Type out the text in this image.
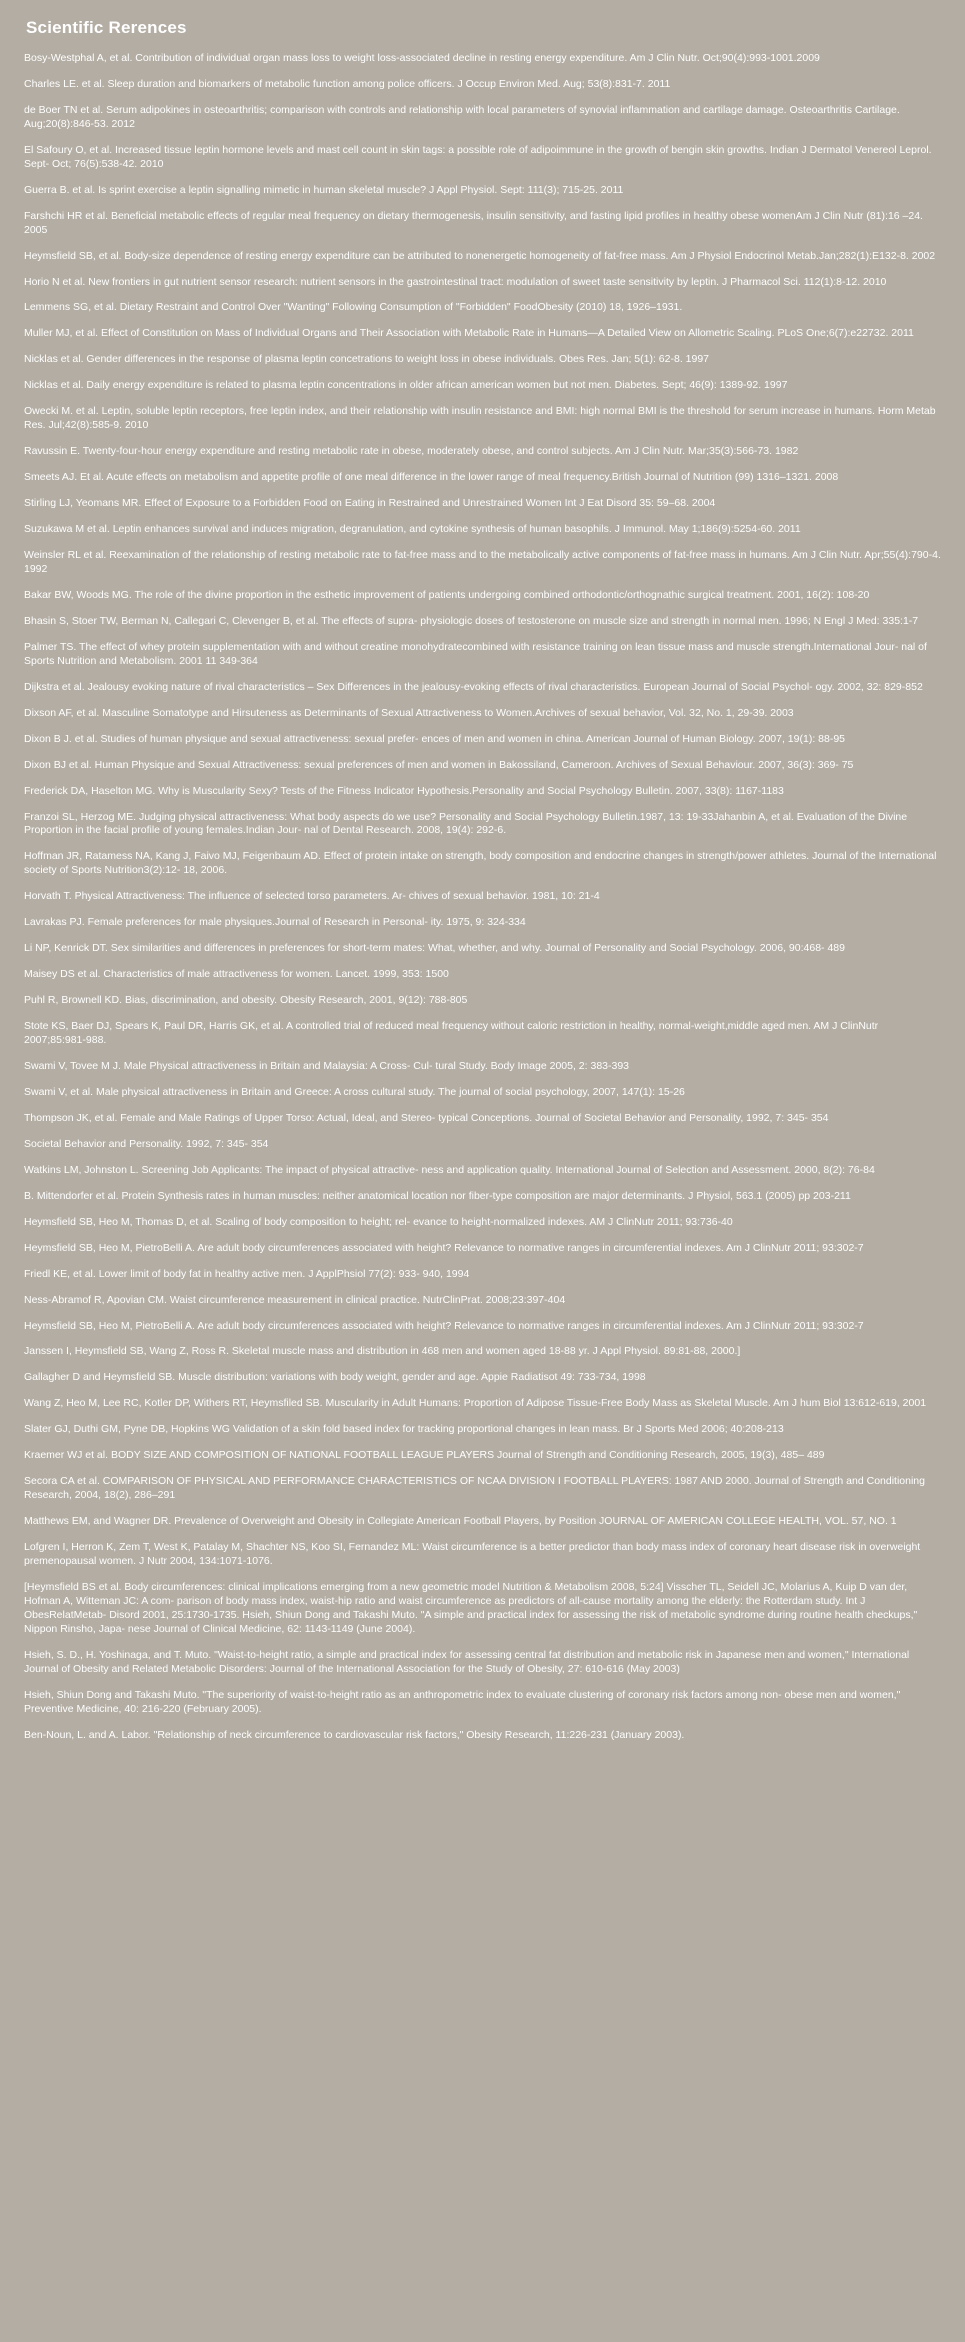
Scientific Rerences

Bosy-Westphal A, et al. Contribution of individual organ mass loss to weight loss-associated decline in resting energy expenditure. Am J Clin Nutr. Oct;90(4):993-1001.2009

Charles LE. et al. Sleep duration and biomarkers of metabolic function among police officers. J Occup Environ Med. Aug; 53(8):831-7. 2011

de Boer TN et al. Serum adipokines in osteoarthritis; comparison with controls and relationship with local parameters of synovial inflammation and cartilage damage. Osteoarthritis Cartilage. Aug;20(8):846-53. 2012

El Safoury O, et al. Increased tissue leptin hormone levels and mast cell count in skin tags: a possible role of adipoimmune in the growth of bengin skin growths. Indian J Dermatol Venereol Leprol. Sept- Oct; 76(5):538-42. 2010

Guerra B. et al. Is sprint exercise a leptin signalling mimetic in human skeletal muscle? J Appl Physiol. Sept: 111(3); 715-25. 2011

Farshchi HR et al. Beneficial metabolic effects of regular meal frequency on dietary thermogenesis, insulin sensitivity, and fasting lipid profiles in healthy obese womenAm J Clin Nutr (81):16 –24. 2005

Heymsfield SB, et al. Body-size dependence of resting energy expenditure can be attributed to nonenergetic homogeneity of fat-free mass. Am J Physiol Endocrinol Metab.Jan;282(1):E132-8. 2002

Horio N et al. New frontiers in gut nutrient sensor research: nutrient sensors in the gastrointestinal tract: modulation of sweet taste sensitivity by leptin. J Pharmacol Sci. 112(1):8-12. 2010

Lemmens SG, et al. Dietary Restraint and Control Over "Wanting" Following Consumption of "Forbidden" FoodObesity (2010) 18, 1926–1931.

Muller MJ, et al. Effect of Constitution on Mass of Individual Organs and Their Association with Metabolic Rate in Humans—A Detailed View on Allometric Scaling. PLoS One;6(7):e22732. 2011

Nicklas et al. Gender differences in the response of plasma leptin concetrations to weight loss in obese individuals. Obes Res. Jan; 5(1): 62-8. 1997

Nicklas et al. Daily energy expenditure is related to plasma leptin concentrations in older african american women but not men. Diabetes. Sept; 46(9): 1389-92. 1997

Owecki M. et al. Leptin, soluble leptin receptors, free leptin index, and their relationship with insulin resistance and BMI: high normal BMI is the threshold for serum increase in humans. Horm Metab Res. Jul;42(8):585-9. 2010

Ravussin E. Twenty-four-hour energy expenditure and resting metabolic rate in obese, moderately obese, and control subjects. Am J Clin Nutr. Mar;35(3):566-73. 1982

Smeets AJ. Et al. Acute effects on metabolism and appetite profile of one meal difference in the lower range of meal frequency.British Journal of Nutrition (99) 1316–1321. 2008

Stirling LJ, Yeomans MR. Effect of Exposure to a Forbidden Food on Eating in Restrained and Unrestrained Women Int J Eat Disord 35: 59–68. 2004

Suzukawa M et al. Leptin enhances survival and induces migration, degranulation, and cytokine synthesis of human basophils. J Immunol. May 1;186(9):5254-60. 2011

Weinsler RL et al. Reexamination of the relationship of resting metabolic rate to fat-free mass and to the metabolically active components of fat-free mass in humans. Am J Clin Nutr. Apr;55(4):790-4. 1992

Bakar BW, Woods MG. The role of the divine proportion in the esthetic improvement of patients undergoing combined orthodontic/orthognathic surgical treatment. 2001, 16(2): 108-20

Bhasin S, Stoer TW, Berman N, Callegari C, Clevenger B, et al. The effects of supra- physiologic doses of testosterone on muscle size and strength in normal men. 1996; N Engl J Med: 335:1-7

Palmer TS. The effect of whey protein supplementation with and without creatine monohydratecombined with resistance training on lean tissue mass and muscle strength.International Jour- nal of Sports Nutrition and Metabolism. 2001 11 349-364

Dijkstra et al. Jealousy evoking nature of rival characteristics – Sex Differences in the jealousy-evoking effects of rival characteristics. European Journal of Social Psychol- ogy. 2002, 32: 829-852

Dixson AF, et al. Masculine Somatotype and Hirsuteness as Determinants of Sexual Attractiveness to Women.Archives of sexual behavior, Vol. 32, No. 1, 29-39. 2003

Dixon B J. et al. Studies of human physique and sexual attractiveness: sexual prefer- ences of men and women in china. American Journal of Human Biology. 2007, 19(1): 88-95

Dixon BJ et al. Human Physique and Sexual Attractiveness: sexual preferences of men and women in Bakossiland, Cameroon. Archives of Sexual Behaviour. 2007, 36(3): 369- 75

Frederick DA, Haselton MG. Why is Muscularity Sexy? Tests of the Fitness Indicator Hypothesis.Personality and Social Psychology Bulletin. 2007, 33(8): 1167-1183

Franzoi SL, Herzog ME. Judging physical attractiveness: What body aspects do we use? Personality and Social Psychology Bulletin.1987, 13: 19-33Jahanbin A, et al. Evaluation of the Divine Proportion in the facial profile of young females.Indian Jour- nal of Dental Research. 2008, 19(4): 292-6.

Hoffman JR, Ratamess NA, Kang J, Faivo MJ, Feigenbaum AD. Effect of protein intake on strength, body composition and endocrine changes in strength/power athletes. Journal of the International society of Sports Nutrition3(2):12- 18, 2006.

Horvath T. Physical Attractiveness: The influence of selected torso parameters. Ar- chives of sexual behavior. 1981, 10: 21-4

Lavrakas PJ. Female preferences for male physiques.Journal of Research in Personal- ity. 1975, 9: 324-334

Li NP, Kenrick DT. Sex similarities and differences in preferences for short-term mates: What, whether, and why. Journal of Personality and Social Psychology. 2006, 90:468- 489

Maisey DS et al. Characteristics of male attractiveness for women. Lancet. 1999, 353: 1500

Puhl R, Brownell KD. Bias, discrimination, and obesity. Obesity Research, 2001, 9(12): 788-805

Stote KS, Baer DJ, Spears K, Paul DR, Harris GK, et al. A controlled trial of reduced meal frequency without caloric restriction in healthy, normal-weight,middle aged men. AM J ClinNutr 2007;85:981-988.

Swami V, Tovee M J. Male Physical attractiveness in Britain and Malaysia: A Cross- Cul- tural Study. Body Image 2005, 2: 383-393

Swami V, et al. Male physical attractiveness in Britain and Greece: A cross cultural study. The journal of social psychology, 2007, 147(1): 15-26

Thompson JK, et al. Female and Male Ratings of Upper Torso: Actual, Ideal, and Stereo- typical Conceptions. Journal of Societal Behavior and Personality, 1992, 7: 345- 354

Societal Behavior and Personality. 1992, 7: 345- 354

Watkins LM, Johnston L. Screening Job Applicants: The impact of physical attractive- ness and application quality. International Journal of Selection and Assessment. 2000, 8(2): 76-84

B. Mittendorfer et al. Protein Synthesis rates in human muscles: neither anatomical location nor fiber-type composition are major determinants. J Physiol, 563.1 (2005) pp 203-211

Heymsfield SB, Heo M, Thomas D, et al. Scaling of body composition to height; rel- evance to height-normalized indexes. AM J ClinNutr 2011; 93:736-40

Heymsfield SB, Heo M, PietroBelli A. Are adult body circumferences associated with height? Relevance to normative ranges in circumferential indexes. Am J ClinNutr 2011; 93:302-7

Friedl KE, et al. Lower limit of body fat in healthy active men. J ApplPhsiol 77(2): 933- 940, 1994

Ness-Abramof R, Apovian CM. Waist circumference measurement in clinical practice. NutrClinPrat. 2008;23:397-404

Heymsfield SB, Heo M, PietroBelli A. Are adult body circumferences associated with height? Relevance to normative ranges in circumferential indexes. Am J ClinNutr 2011; 93:302-7

Janssen I, Heymsfield SB, Wang Z, Ross R. Skeletal muscle mass and distribution in 468 men and women aged 18-88 yr. J Appl Physiol. 89:81-88, 2000.]

Gallagher D and Heymsfield SB. Muscle distribution: variations with body weight, gender and age. Appie Radiatisot 49: 733-734, 1998

Wang Z, Heo M, Lee RC, Kotler DP, Withers RT, Heymsfiled SB. Muscularity in Adult Humans: Proportion of Adipose Tissue-Free Body Mass as Skeletal Muscle. Am J hum Biol 13:612-619, 2001

Slater GJ, Duthi GM, Pyne DB, Hopkins WG Validation of a skin fold based index for tracking proportional changes in lean mass. Br J Sports Med 2006; 40:208-213

Kraemer WJ et al. BODY SIZE AND COMPOSITION OF NATIONAL FOOTBALL LEAGUE PLAYERS Journal of Strength and Conditioning Research, 2005, 19(3), 485– 489

Secora CA et al. COMPARISON OF PHYSICAL AND PERFORMANCE CHARACTERISTICS OF NCAA DIVISION I FOOTBALL PLAYERS: 1987 AND 2000. Journal of Strength and Conditioning Research, 2004, 18(2), 286–291

Matthews EM, and Wagner DR. Prevalence of Overweight and Obesity in Collegiate American Football Players, by Position JOURNAL OF AMERICAN COLLEGE HEALTH, VOL. 57, NO. 1

Lofgren I, Herron K, Zem T, West K, Patalay M, Shachter NS, Koo SI, Fernandez ML: Waist circumference is a better predictor than body mass index of coronary heart disease risk in overweight premenopausal women. J Nutr 2004, 134:1071-1076.

[Heymsfield BS et al. Body circumferences: clinical implications emerging from a new geometric model Nutrition & Metabolism 2008, 5:24] Visscher TL, Seidell JC, Molarius A, Kuip D van der, Hofman A, Witteman JC: A com- parison of body mass index, waist-hip ratio and waist circumference as predictors of all-cause mortality among the elderly: the Rotterdam study. Int J ObesRelatMetab- Disord 2001, 25:1730-1735. Hsieh, Shiun Dong and Takashi Muto. "A simple and practical index for assessing the risk of metabolic syndrome during routine health checkups," Nippon Rinsho, Japa- nese Journal of Clinical Medicine, 62: 1143-1149 (June 2004).

Hsieh, S. D., H. Yoshinaga, and T. Muto. "Waist-to-height ratio, a simple and practical index for assessing central fat distribution and metabolic risk in Japanese men and women," International Journal of Obesity and Related Metabolic Disorders: Journal of the International Association for the Study of Obesity, 27: 610-616 (May 2003)

Hsieh, Shiun Dong and Takashi Muto. "The superiority of waist-to-height ratio as an anthropometric index to evaluate clustering of coronary risk factors among non- obese men and women," Preventive Medicine, 40: 216-220 (February 2005).

Ben-Noun, L. and A. Labor. "Relationship of neck circumference to cardiovascular risk factors," Obesity Research, 11:226-231 (January 2003).
